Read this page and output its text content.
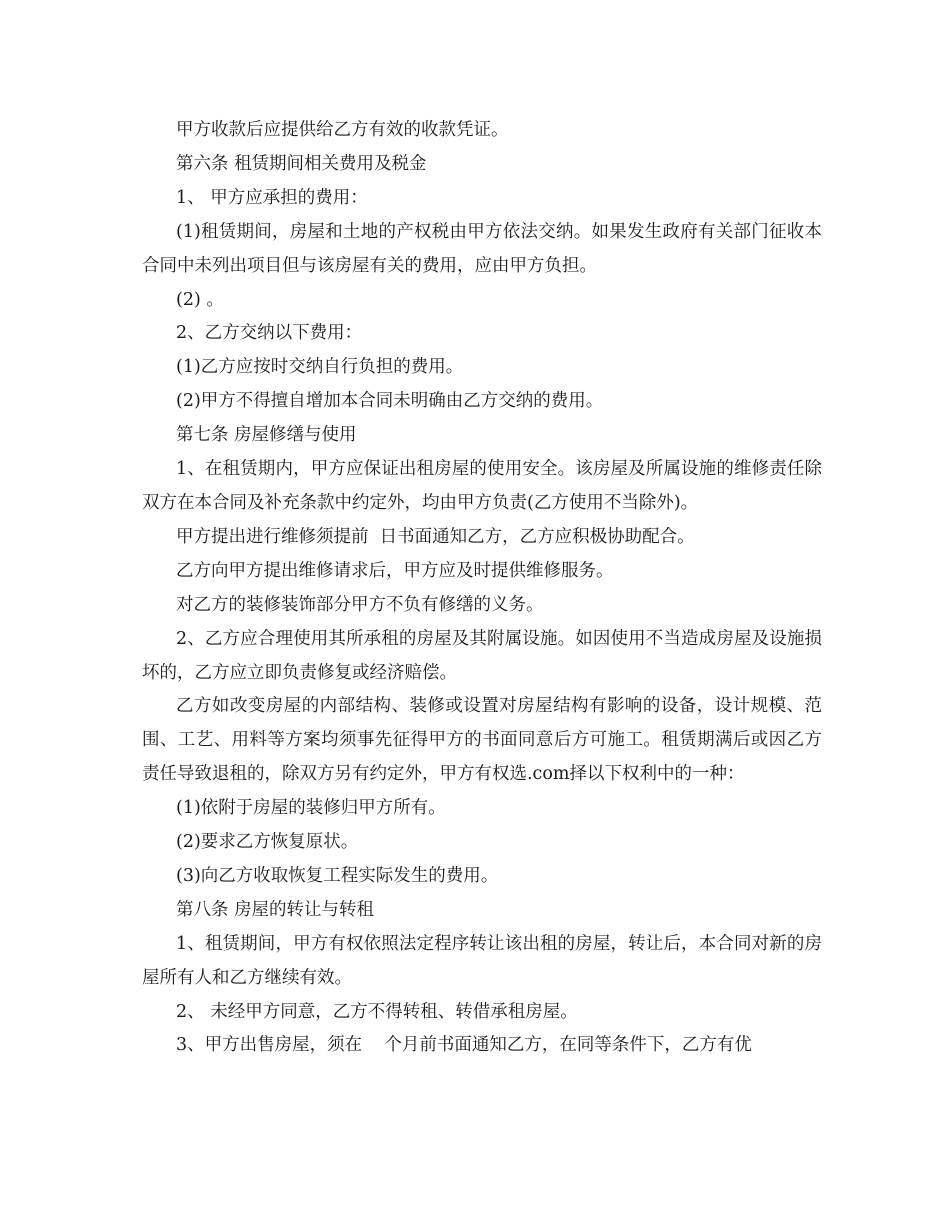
甲方收款后应提供给乙方有效的收款凭证。

第六条 租赁期间相关费用及税金

1、 甲方应承担的费用：

(1)租赁期间，房屋和土地的产权税由甲方依法交纳。如果发生政府有关部门征收本合同中未列出项目但与该房屋有关的费用，应由甲方负担。

(2) 。

2、乙方交纳以下费用：

(1)乙方应按时交纳自行负担的费用。

(2)甲方不得擅自增加本合同未明确由乙方交纳的费用。

第七条 房屋修缮与使用

1、在租赁期内，甲方应保证出租房屋的使用安全。该房屋及所属设施的维修责任除双方在本合同及补充条款中约定外，均由甲方负责(乙方使用不当除外)。

甲方提出进行维修须提前  日书面通知乙方，乙方应积极协助配合。

乙方向甲方提出维修请求后，甲方应及时提供维修服务。

对乙方的装修装饰部分甲方不负有修缮的义务。

2、乙方应合理使用其所承租的房屋及其附属设施。如因使用不当造成房屋及设施损坏的，乙方应立即负责修复或经济赔偿。

乙方如改变房屋的内部结构、装修或设置对房屋结构有影响的设备，设计规模、范围、工艺、用料等方案均须事先征得甲方的书面同意后方可施工。租赁期满后或因乙方责任导致退租的，除双方另有约定外，甲方有权选.com择以下权利中的一种：

(1)依附于房屋的装修归甲方所有。

(2)要求乙方恢复原状。

(3)向乙方收取恢复工程实际发生的费用。

第八条 房屋的转让与转租

1、租赁期间，甲方有权依照法定程序转让该出租的房屋，转让后，本合同对新的房屋所有人和乙方继续有效。

2、 未经甲方同意，乙方不得转租、转借承租房屋。

3、甲方出售房屋，须在    个月前书面通知乙方，在同等条件下，乙方有优
